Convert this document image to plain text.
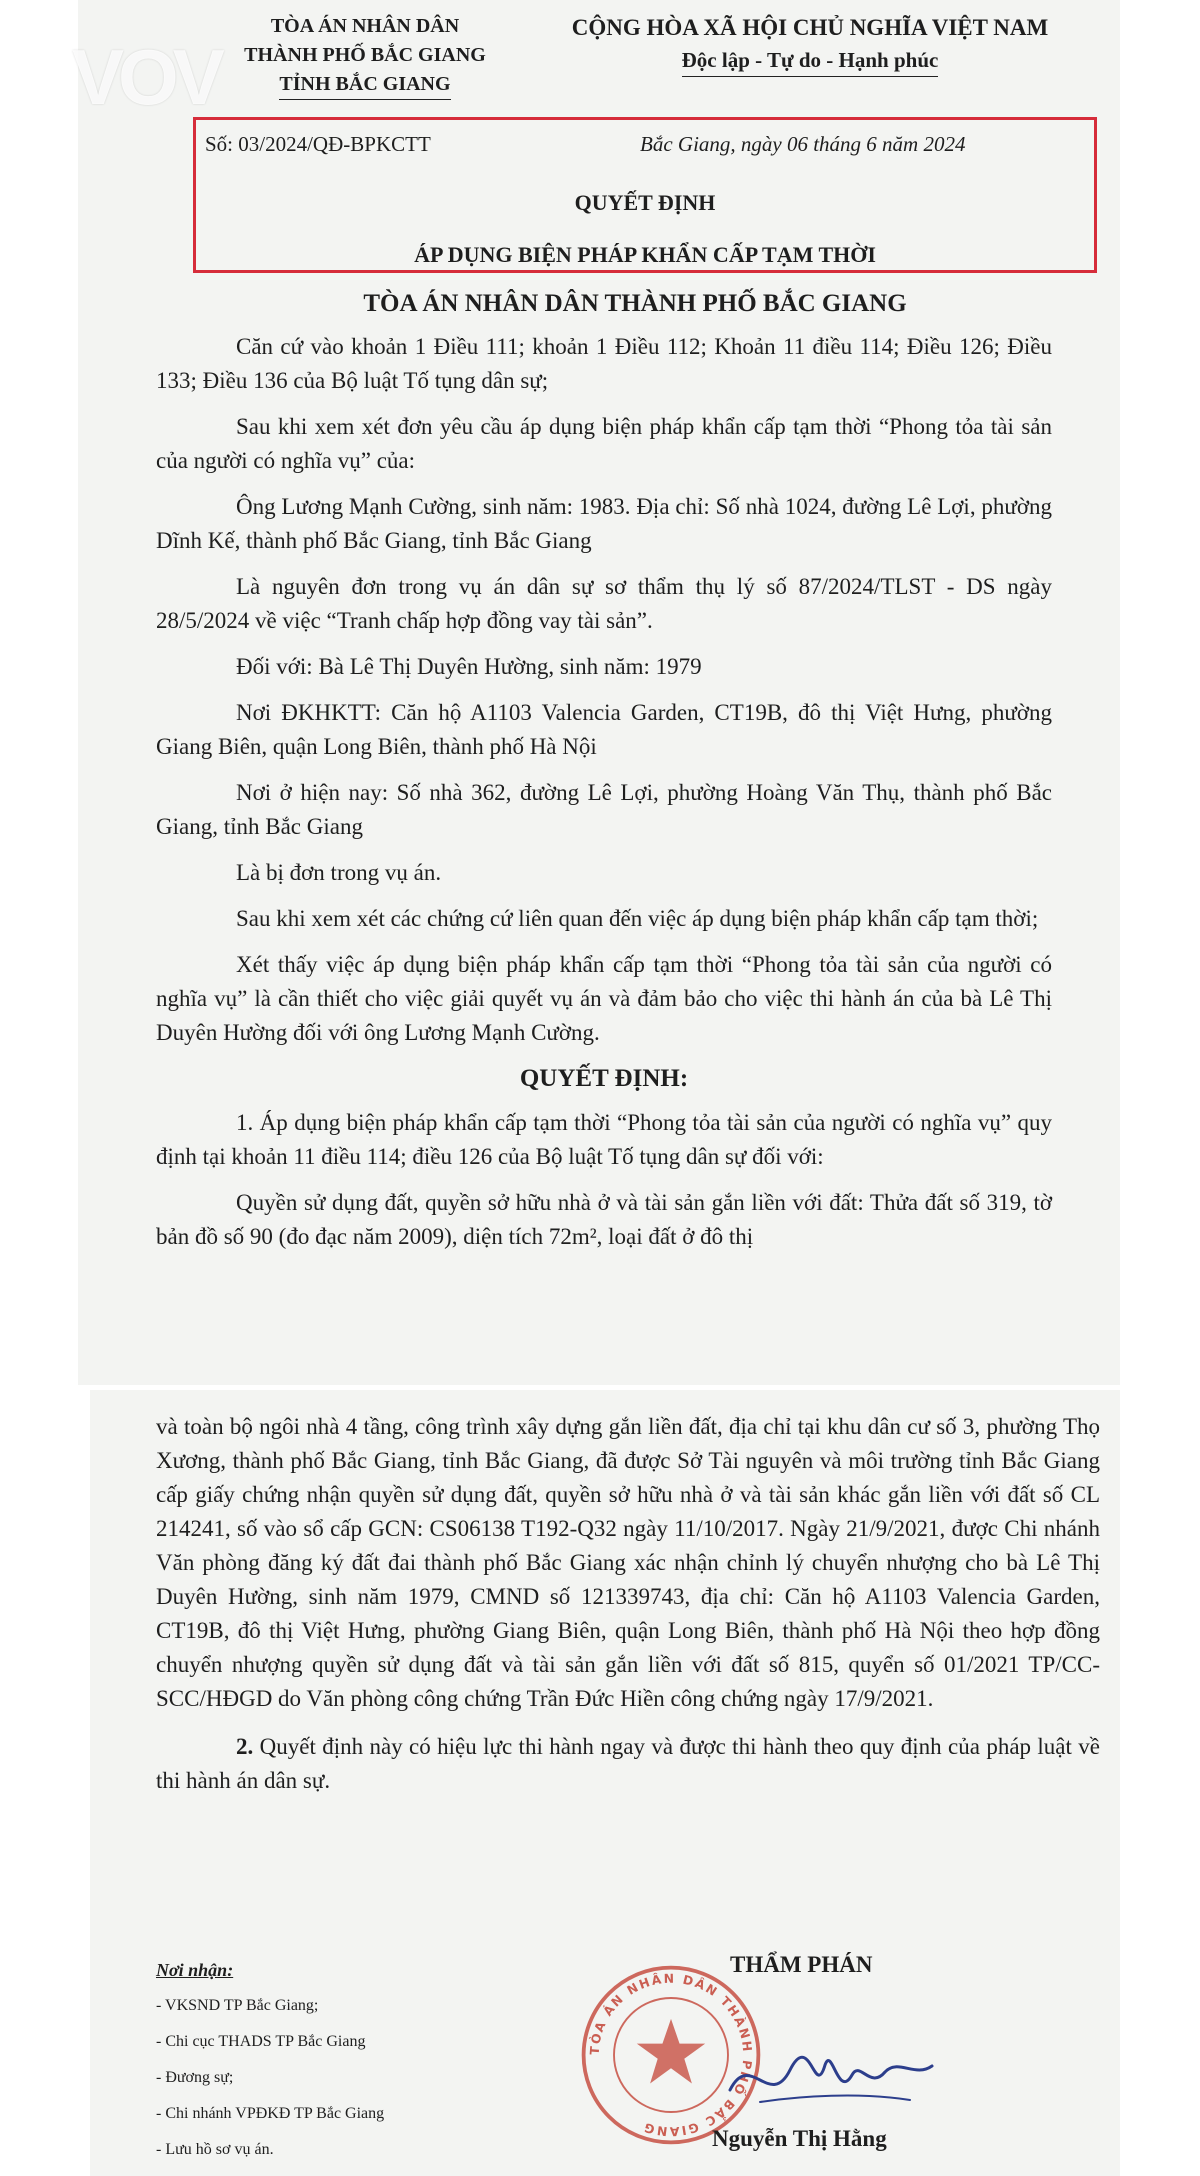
VOV
TÒA ÁN NHÂN DÂN
THÀNH PHỐ BẮC GIANG
TỈNH BẮC GIANG
CỘNG HÒA XÃ HỘI CHỦ NGHĨA VIỆT NAM
Độc lập - Tự do - Hạnh phúc
Số: 03/2024/QĐ-BPKCTT	Bắc Giang, ngày 06 tháng 6 năm 2024
QUYẾT ĐỊNH
ÁP DỤNG BIỆN PHÁP KHẨN CẤP TẠM THỜI
TÒA ÁN NHÂN DÂN THÀNH PHỐ BẮC GIANG

Căn cứ vào khoản 1 Điều 111; khoản 1 Điều 112; Khoản 11 điều 114; Điều 126; Điều 133; Điều 136 của Bộ luật Tố tụng dân sự;

Sau khi xem xét đơn yêu cầu áp dụng biện pháp khẩn cấp tạm thời “Phong tỏa tài sản của người có nghĩa vụ” của:

Ông Lương Mạnh Cường, sinh năm: 1983. Địa chỉ: Số nhà 1024, đường Lê Lợi, phường Dĩnh Kế, thành phố Bắc Giang, tỉnh Bắc Giang

Là nguyên đơn trong vụ án dân sự sơ thẩm thụ lý số 87/2024/TLST - DS ngày 28/5/2024 về việc “Tranh chấp hợp đồng vay tài sản”.

Đối với: Bà Lê Thị Duyên Hường, sinh năm: 1979

Nơi ĐKHKTT: Căn hộ A1103 Valencia Garden, CT19B, đô thị Việt Hưng, phường Giang Biên, quận Long Biên, thành phố Hà Nội

Nơi ở hiện nay: Số nhà 362, đường Lê Lợi, phường Hoàng Văn Thụ, thành phố Bắc Giang, tỉnh Bắc Giang

Là bị đơn trong vụ án.

Sau khi xem xét các chứng cứ liên quan đến việc áp dụng biện pháp khẩn cấp tạm thời;

Xét thấy việc áp dụng biện pháp khẩn cấp tạm thời “Phong tỏa tài sản của người có nghĩa vụ” là cần thiết cho việc giải quyết vụ án và đảm bảo cho việc thi hành án của bà Lê Thị Duyên Hường đối với ông Lương Mạnh Cường.

QUYẾT ĐỊNH:

1. Áp dụng biện pháp khẩn cấp tạm thời “Phong tỏa tài sản của người có nghĩa vụ” quy định tại khoản 11 điều 114; điều 126 của Bộ luật Tố tụng dân sự đối với:

Quyền sử dụng đất, quyền sở hữu nhà ở và tài sản gắn liền với đất: Thửa đất số 319, tờ bản đồ số 90 (đo đạc năm 2009), diện tích 72m², loại đất ở đô thị

và toàn bộ ngôi nhà 4 tầng, công trình xây dựng gắn liền đất, địa chỉ tại khu dân cư số 3, phường Thọ Xương, thành phố Bắc Giang, tỉnh Bắc Giang, đã được Sở Tài nguyên và môi trường tỉnh Bắc Giang cấp giấy chứng nhận quyền sử dụng đất, quyền sở hữu nhà ở và tài sản khác gắn liền với đất số CL 214241, số vào sổ cấp GCN: CS06138 T192-Q32 ngày 11/10/2017. Ngày 21/9/2021, được Chi nhánh Văn phòng đăng ký đất đai thành phố Bắc Giang xác nhận chỉnh lý chuyển nhượng cho bà Lê Thị Duyên Hường, sinh năm 1979, CMND số 121339743, địa chỉ: Căn hộ A1103 Valencia Garden, CT19B, đô thị Việt Hưng, phường Giang Biên, quận Long Biên, thành phố Hà Nội theo hợp đồng chuyển nhượng quyền sử dụng đất và tài sản gắn liền với đất số 815, quyển số 01/2021 TP/CC-SCC/HĐGD do Văn phòng công chứng Trần Đức Hiền công chứng ngày 17/9/2021.

2. Quyết định này có hiệu lực thi hành ngay và được thi hành theo quy định của pháp luật về thi hành án dân sự.

Nơi nhận:
- VKSND TP Bắc Giang;
- Chi cục THADS TP Bắc Giang
- Đương sự;
- Chi nhánh VPĐKĐ TP Bắc Giang
- Lưu hồ sơ vụ án.
TÒA ÁN NHÂN DÂN THÀNH PHỐ BẮC GIANG
THẨM PHÁN
Nguyễn Thị Hằng
